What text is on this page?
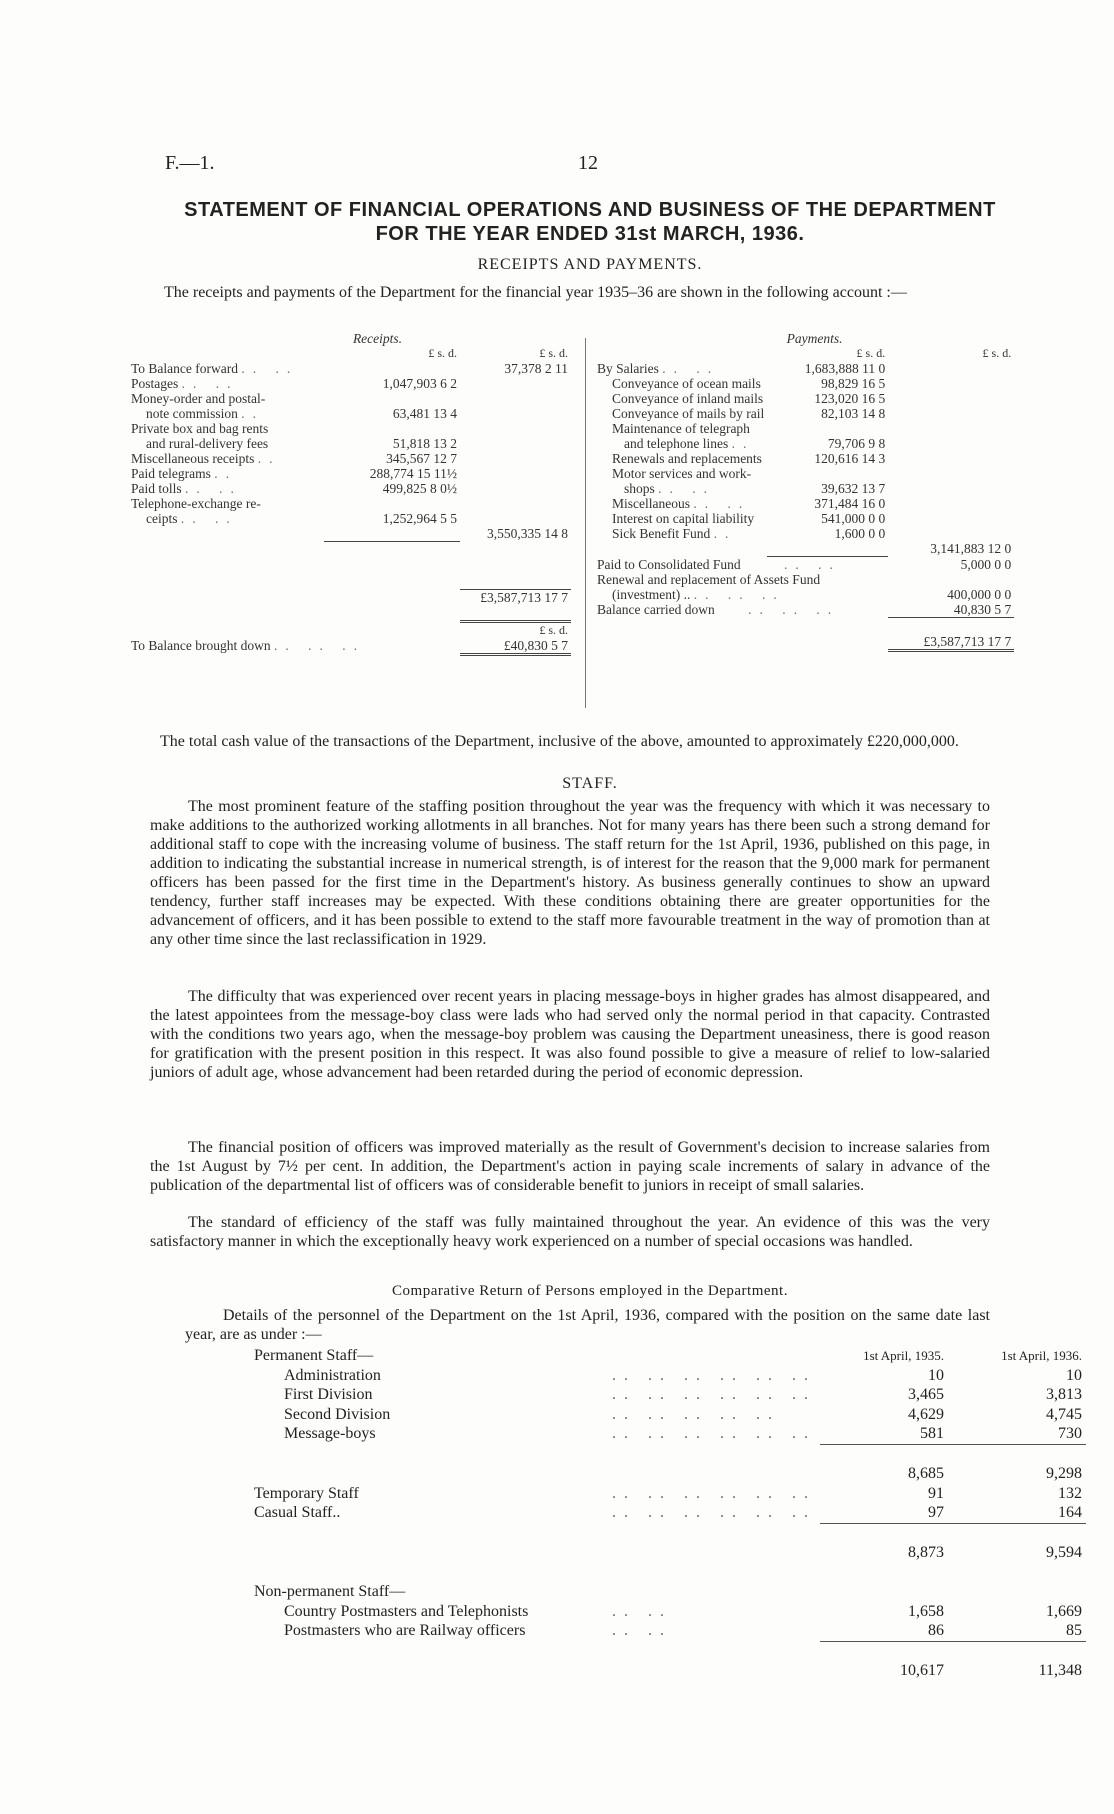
F.—1.	12
STATEMENT OF FINANCIAL OPERATIONS AND BUSINESS OF THE DEPARTMENT
FOR THE YEAR ENDED 31st MARCH, 1936.
RECEIPTS AND PAYMENTS.
The receipts and payments of the Department for the financial year 1935–36 are shown in the following account :—
Receipts.		
	£ s. d.	£ s. d.
To Balance forward .. ..		37,378 2 11
Postages .. ..	1,047,903 6 2	
Money-order and postal-		
note commission ..	63,481 13 4	
Private box and bag rents		
and rural-delivery fees	51,818 13 2	
Miscellaneous receipts ..	345,567 12 7	
Paid telegrams ..	288,774 15 11½	
Paid tolls .. ..	499,825 8 0½	
Telephone-exchange re-		
ceipts .. ..	1,252,964 5 5	
		3,550,335 14 8

		£3,587,713 17 7

		£ s. d.
To Balance brought down .. .. ..		£40,830 5 7
Payments.		
	£ s. d.	£ s. d.
By Salaries .. ..	1,683,888 11 0	
Conveyance of ocean mails	98,829 16 5	
Conveyance of inland mails	123,020 16 5	
Conveyance of mails by rail	82,103 14 8	
Maintenance of telegraph		
and telephone lines ..	79,706 9 8	
Renewals and replacements	120,616 14 3	
Motor services and work-		
shops .. ..	39,632 13 7	
Miscellaneous .. ..	371,484 16 0	
Interest on capital liability	541,000 0 0	
Sick Benefit Fund ..	1,600 0 0	
		3,141,883 12 0
Paid to Consolidated Fund .. ..		5,000 0 0
Renewal and replacement of Assets Fund		
(investment) .. .. .. ..		400,000 0 0
Balance carried down .. .. ..		40,830 5 7

		£3,587,713 17 7
The total cash value of the transactions of the Department, inclusive of the above, amounted to approximately £220,000,000.
STAFF.
The most prominent feature of the staffing position throughout the year was the frequency with which it was necessary to make additions to the authorized working allotments in all branches. Not for many years has there been such a strong demand for additional staff to cope with the increasing volume of business. The staff return for the 1st April, 1936, published on this page, in addition to indicating the substantial increase in numerical strength, is of interest for the reason that the 9,000 mark for permanent officers has been passed for the first time in the Department's history. As business generally continues to show an upward tendency, further staff increases may be expected. With these conditions obtaining there are greater opportunities for the advancement of officers, and it has been possible to extend to the staff more favourable treatment in the way of promotion than at any other time since the last reclassification in 1929.
The difficulty that was experienced over recent years in placing message-boys in higher grades has almost disappeared, and the latest appointees from the message-boy class were lads who had served only the normal period in that capacity. Contrasted with the conditions two years ago, when the message-boy problem was causing the Department uneasiness, there is good reason for gratification with the present position in this respect. It was also found possible to give a measure of relief to low-salaried juniors of adult age, whose advancement had been retarded during the period of economic depression.
The financial position of officers was improved materially as the result of Government's decision to increase salaries from the 1st August by 7½ per cent. In addition, the Department's action in paying scale increments of salary in advance of the publication of the departmental list of officers was of considerable benefit to juniors in receipt of small salaries.
The standard of efficiency of the staff was fully maintained throughout the year. An evidence of this was the very satisfactory manner in which the exceptionally heavy work experienced on a number of special occasions was handled.
Comparative Return of Persons employed in the Department.
Details of the personnel of the Department on the 1st April, 1936, compared with the position on the same date last year, are as under :—
Permanent Staff—		1st April, 1935.	1st April, 1936.
Administration	.. .. .. .. .. ..	10	10
First Division	.. .. .. .. .. ..	3,465	3,813
Second Division	.. .. .. .. ..	4,629	4,745
Message-boys	.. .. .. .. .. ..	581	730

		8,685	9,298
Temporary Staff	.. .. .. .. .. ..	91	132
Casual Staff..	.. .. .. .. .. ..	97	164

		8,873	9,594

Non-permanent Staff—			
Country Postmasters and Telephonists	.. ..	1,658	1,669
Postmasters who are Railway officers	.. ..	86	85

		10,617	11,348
